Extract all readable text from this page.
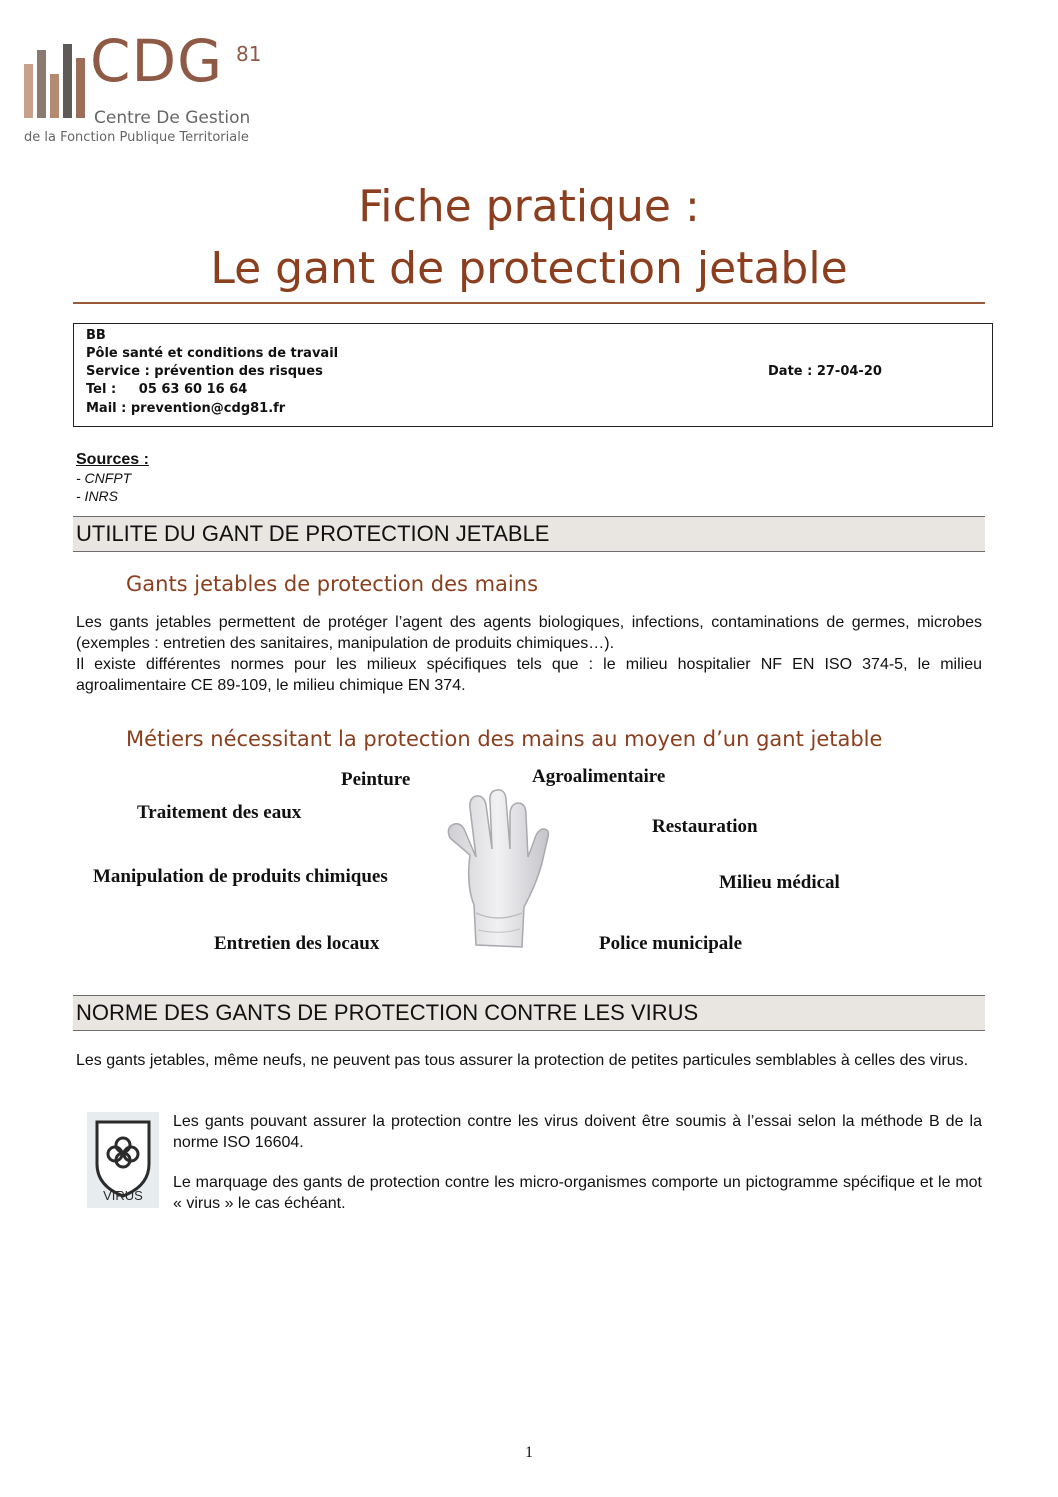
CDG 81
Centre De Gestion
de la Fonction Publique Territoriale
Fiche pratique :
Le gant de protection jetable
BB
Pôle santé et conditions de travail
Service : prévention des risques
Tel :     05 63 60 16 64
Mail : prevention@cdg81.fr
Date : 27-04-20
Sources :
- CNFPT
- INRS
UTILITE DU GANT DE PROTECTION JETABLE
Gants jetables de protection des mains

Les gants jetables permettent de protéger l’agent des agents biologiques, infections, contaminations de germes, microbes (exemples : entretien des sanitaires, manipulation de produits chimiques…).

Il existe différentes normes pour les milieux spécifiques tels que : le milieu hospitalier NF EN ISO 374-5, le milieu agroalimentaire CE 89-109, le milieu chimique EN 374.

Métiers nécessitant la protection des mains au moyen d’un gant jetable
Peinture	Agroalimentaire
Traitement des eaux
Restauration
Manipulation de produits chimiques	Milieu médical
Entretien des locaux	Police municipale
NORME DES GANTS DE PROTECTION CONTRE LES VIRUS

Les gants jetables, même neufs, ne peuvent pas tous assurer la protection de petites particules semblables à celles des virus.

VIRUS

Les gants pouvant assurer la protection contre les virus doivent être soumis à l’essai selon la méthode B de la norme ISO 16604.

Le marquage des gants de protection contre les micro-organismes comporte un pictogramme spécifique et le mot « virus » le cas échéant.

1
